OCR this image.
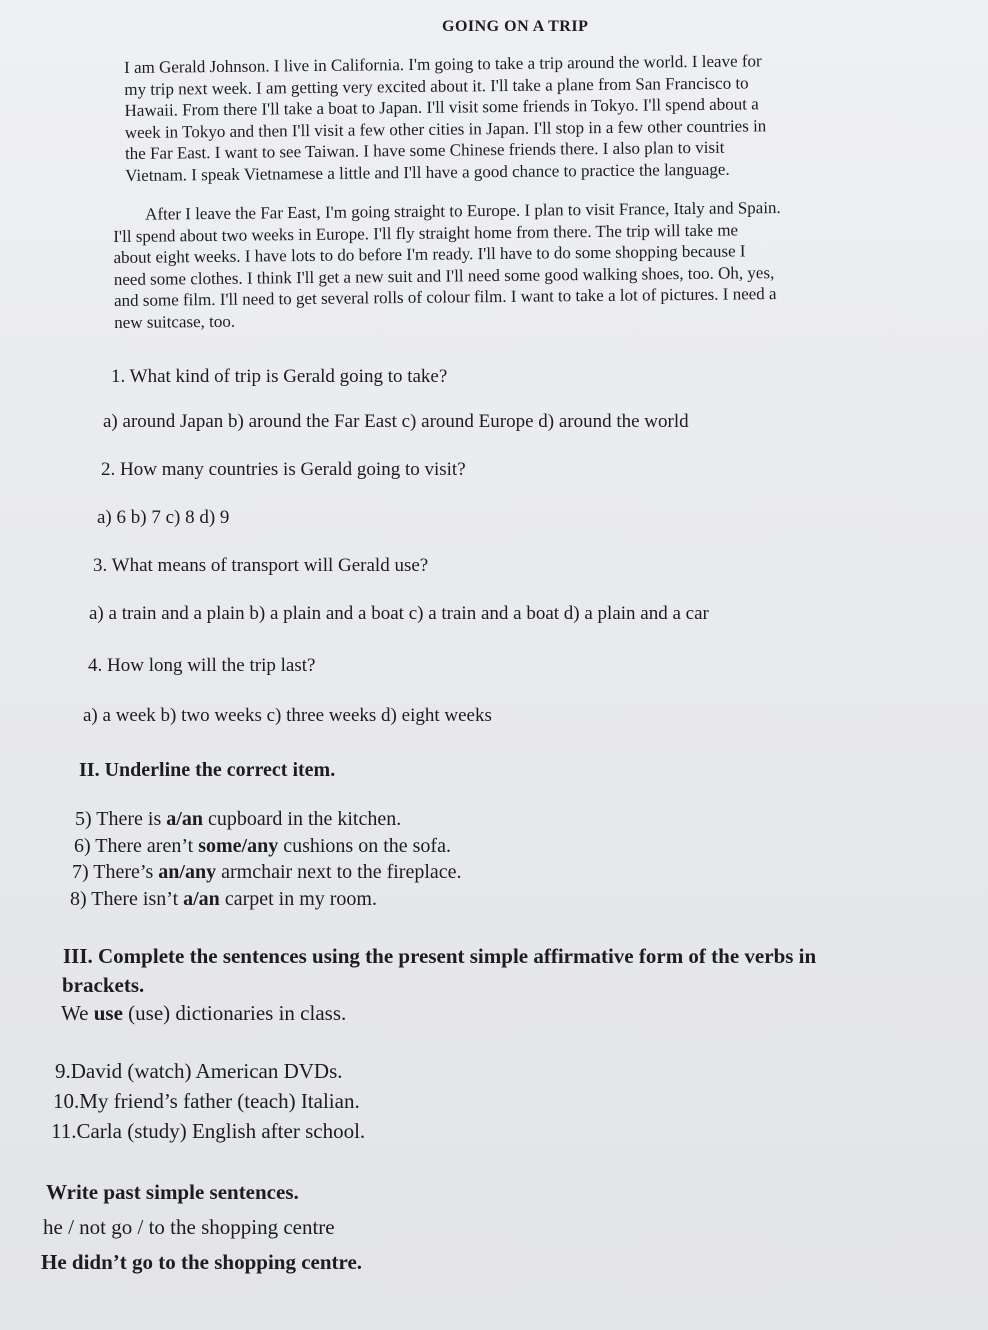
GOING ON A TRIP
I am Gerald Johnson. I live in California. I'm going to take a trip around the world. I leave for
my trip next week. I am getting very excited about it. I'll take a plane from San Francisco to
Hawaii. From there I'll take a boat to Japan. I'll visit some friends in Tokyo. I'll spend about a
week in Tokyo and then I'll visit a few other cities in Japan. I'll stop in a few other countries in
the Far East. I want to see Taiwan. I have some Chinese friends there. I also plan to visit
Vietnam. I speak Vietnamese a little and I'll have a good chance to practice the language.
After I leave the Far East, I'm going straight to Europe. I plan to visit France, Italy and Spain.
I'll spend about two weeks in Europe. I'll fly straight home from there. The trip will take me
about eight weeks. I have lots to do before I'm ready. I'll have to do some shopping because I
need some clothes. I think I'll get a new suit and I'll need some good walking shoes, too. Oh, yes,
and some film. I'll need to get several rolls of colour film. I want to take a lot of pictures. I need a
new suitcase, too.
1. What kind of trip is Gerald going to take?
a) around Japan b) around the Far East c) around Europe d) around the world
2. How many countries is Gerald going to visit?
a) 6 b) 7 c) 8 d) 9
3. What means of transport will Gerald use?
a) a train and a plain b) a plain and a boat c) a train and a boat d) a plain and a car
4. How long will the trip last?
a) a week b) two weeks c) three weeks d) eight weeks
II. Underline the correct item.
5) There is a/an cupboard in the kitchen.
6) There aren’t some/any cushions on the sofa.
7) There’s an/any armchair next to the fireplace.
8) There isn’t a/an carpet in my room.
III. Complete the sentences using the present simple affirmative form of the verbs in
brackets.
We use (use) dictionaries in class.
9.David (watch) American DVDs.
10.My friend’s father (teach) Italian.
11.Carla (study) English after school.
Write past simple sentences.
he / not go / to the shopping centre
He didn’t go to the shopping centre.
